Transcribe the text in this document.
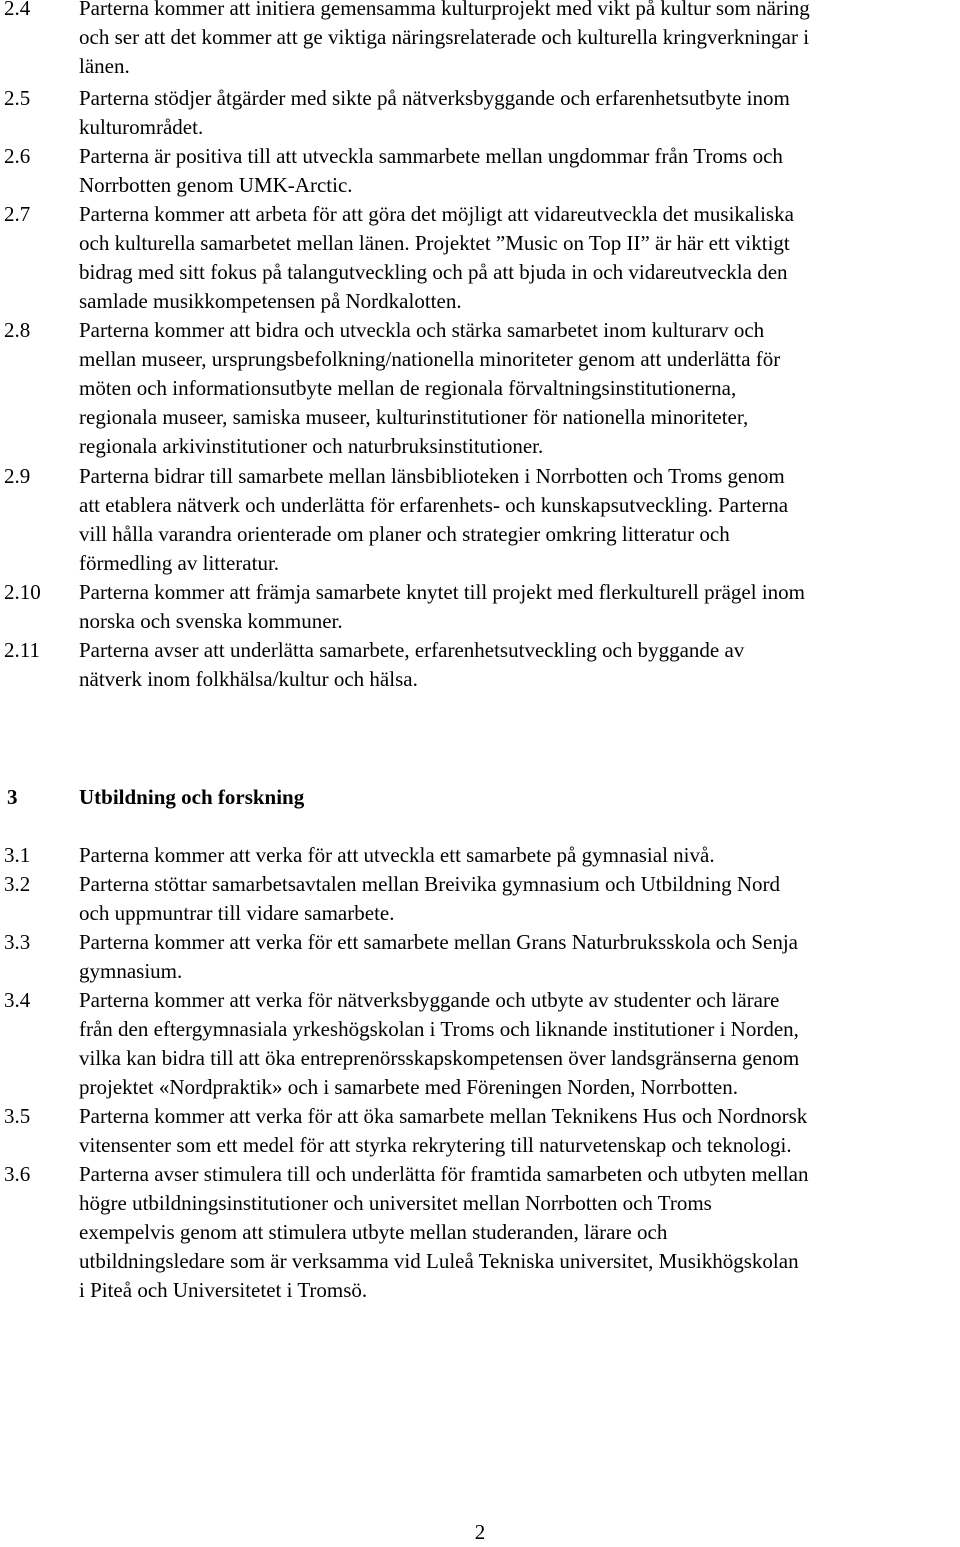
2.4 Parterna kommer att initiera gemensamma kulturprojekt med vikt på kultur som näring
och ser att det kommer att ge viktiga näringsrelaterade och kulturella kringverkningar i
länen.
2.5 Parterna stödjer åtgärder med sikte på nätverksbyggande och erfarenhetsutbyte inom
kulturområdet.
2.6 Parterna är positiva till att utveckla sammarbete mellan ungdommar från Troms och
Norrbotten genom UMK-Arctic.
2.7 Parterna kommer att arbeta för att göra det möjligt att vidareutveckla det musikaliska
och kulturella samarbetet mellan länen. Projektet ”Music on Top II” är här ett viktigt
bidrag med sitt fokus på talangutveckling och på att bjuda in och vidareutveckla den
samlade musikkompetensen på Nordkalotten.
2.8 Parterna kommer att bidra och utveckla och stärka samarbetet inom kulturarv och
mellan museer, ursprungsbefolkning/nationella minoriteter genom att underlätta för
möten och informationsutbyte mellan de regionala förvaltningsinstitutionerna,
regionala museer, samiska museer, kulturinstitutioner för nationella minoriteter,
regionala arkivinstitutioner och naturbruksinstitutioner.
2.9 Parterna bidrar till samarbete mellan länsbiblioteken i Norrbotten och Troms genom
att etablera nätverk och underlätta för erfarenhets- och kunskapsutveckling. Parterna
vill hålla varandra orienterade om planer och strategier omkring litteratur och
förmedling av litteratur.
2.10 Parterna kommer att främja samarbete knytet till projekt med flerkulturell prägel inom
norska och svenska kommuner.
2.11 Parterna avser att underlätta samarbete, erfarenhetsutveckling och byggande av
nätverk inom folkhälsa/kultur och hälsa.
3	Utbildning och forskning
3.1 Parterna kommer att verka för att utveckla ett samarbete på gymnasial nivå.
3.2 Parterna stöttar samarbetsavtalen mellan Breivika gymnasium och Utbildning Nord
och uppmuntrar till vidare samarbete.
3.3 Parterna kommer att verka för ett samarbete mellan Grans Naturbruksskola och Senja
gymnasium.
3.4 Parterna kommer att verka för nätverksbyggande och utbyte av studenter och lärare
från den eftergymnasiala yrkeshögskolan i Troms och liknande institutioner i Norden,
vilka kan bidra till att öka entreprenörsskapskompetensen över landsgränserna genom
projektet «Nordpraktik» och i samarbete med Föreningen Norden, Norrbotten.
3.5 Parterna kommer att verka för att öka samarbete mellan Teknikens Hus och Nordnorsk
vitensenter som ett medel för att styrka rekrytering till naturvetenskap och teknologi.
3.6 Parterna avser stimulera till och underlätta för framtida samarbeten och utbyten mellan
högre utbildningsinstitutioner och universitet mellan Norrbotten och Troms
exempelvis genom att stimulera utbyte mellan studeranden, lärare och
utbildningsledare som är verksamma vid Luleå Tekniska universitet, Musikhögskolan
i Piteå och Universitetet i Tromsö.
2
